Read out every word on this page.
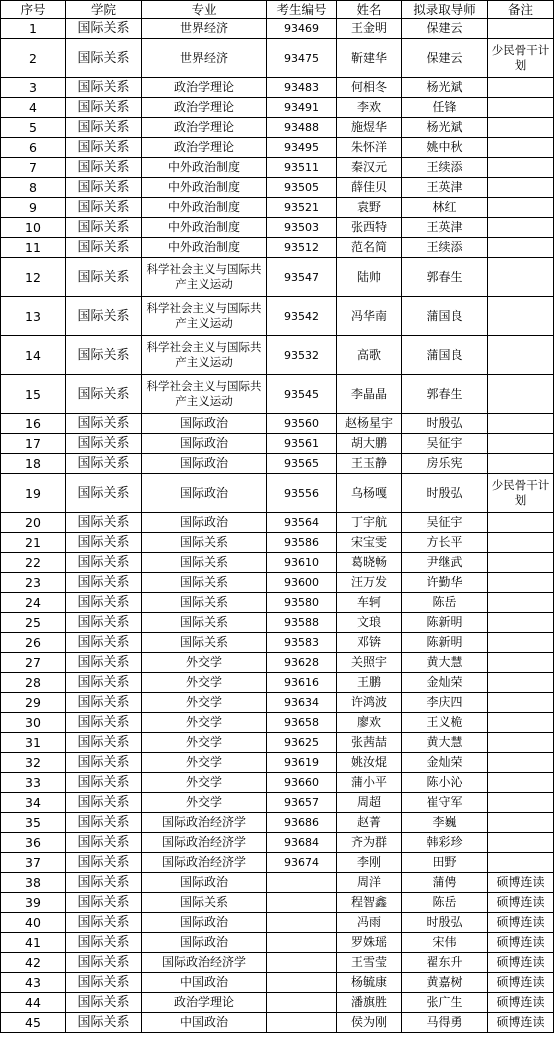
序号	学院	专业	考生编号	姓名	拟录取导师	备注
1	国际关系	世界经济	93469	王金明	保建云	
2	国际关系	世界经济	93475	靳建华	保建云	少民骨干计划
3	国际关系	政治学理论	93483	何相冬	杨光斌	
4	国际关系	政治学理论	93491	李欢	任锋	
5	国际关系	政治学理论	93488	施煜华	杨光斌	
6	国际关系	政治学理论	93495	朱怀洋	姚中秋	
7	国际关系	中外政治制度	93511	秦汉元	王续添	
8	国际关系	中外政治制度	93505	薛佳贝	王英津	
9	国际关系	中外政治制度	93521	袁野	林红	
10	国际关系	中外政治制度	93503	张西特	王英津	
11	国际关系	中外政治制度	93512	范名简	王续添	
12	国际关系	科学社会主义与国际共产主义运动	93547	陆帅	郭春生	
13	国际关系	科学社会主义与国际共产主义运动	93542	冯华南	蒲国良	
14	国际关系	科学社会主义与国际共产主义运动	93532	高歌	蒲国良	
15	国际关系	科学社会主义与国际共产主义运动	93545	李晶晶	郭春生	
16	国际关系	国际政治	93560	赵杨星宇	时殷弘	
17	国际关系	国际政治	93561	胡大鹏	吴征宇	
18	国际关系	国际政治	93565	王玉静	房乐宪	
19	国际关系	国际政治	93556	乌杨嘎	时殷弘	少民骨干计划
20	国际关系	国际政治	93564	丁宇航	吴征宇	
21	国际关系	国际关系	93586	宋宝雯	方长平	
22	国际关系	国际关系	93610	葛晓畅	尹继武	
23	国际关系	国际关系	93600	汪万发	许勤华	
24	国际关系	国际关系	93580	车轲	陈岳	
25	国际关系	国际关系	93588	文琅	陈新明	
26	国际关系	国际关系	93583	邓锛	陈新明	
27	国际关系	外交学	93628	关照宇	黄大慧	
28	国际关系	外交学	93616	王鹏	金灿荣	
29	国际关系	外交学	93634	许鸿波	李庆四	
30	国际关系	外交学	93658	廖欢	王义桅	
31	国际关系	外交学	93625	张茜喆	黄大慧	
32	国际关系	外交学	93619	姚汝焜	金灿荣	
33	国际关系	外交学	93660	蒲小平	陈小沁	
34	国际关系	外交学	93657	周超	崔守军	
35	国际关系	国际政治经济学	93686	赵菁	李巍	
36	国际关系	国际政治经济学	93684	齐为群	韩彩珍	
37	国际关系	国际政治经济学	93674	李刚	田野	
38	国际关系	国际政治		周洋	蒲俜	硕博连读
39	国际关系	国际关系		程智鑫	陈岳	硕博连读
40	国际关系	国际政治		冯雨	时殷弘	硕博连读
41	国际关系	国际政治		罗姝瑶	宋伟	硕博连读
42	国际关系	国际政治经济学		王雪莹	翟东升	硕博连读
43	国际关系	中国政治		杨毓康	黄嘉树	硕博连读
44	国际关系	政治学理论		潘旗胜	张广生	硕博连读
45	国际关系	中国政治		侯为刚	马得勇	硕博连读
